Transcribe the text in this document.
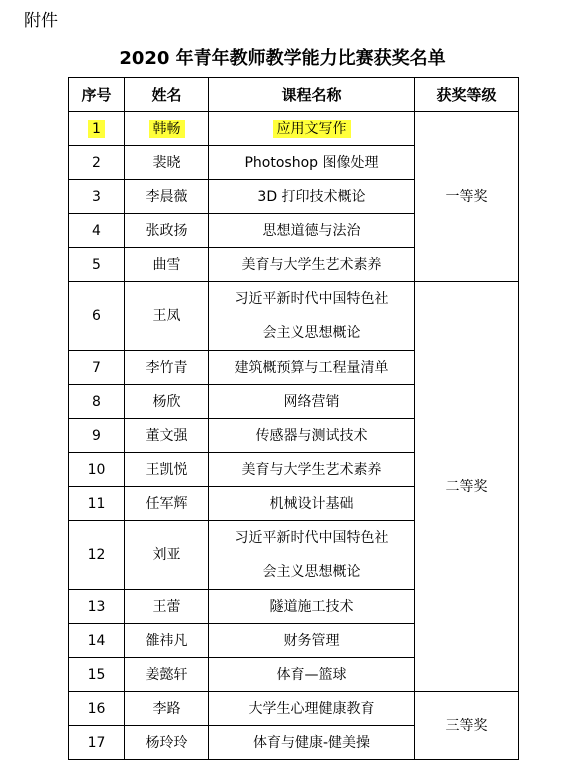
附件
2020 年青年教师教学能力比赛获奖名单
序号	姓名	课程名称	获奖等级
1	韩畅	应用文写作	一等奖
2	裴晓	Photoshop 图像处理	
3	李晨薇	3D 打印技术概论	
4	张政扬	思想道德与法治	
5	曲雪	美育与大学生艺术素养	
6	王凤	习近平新时代中国特色社
会主义思想概论	二等奖
7	李竹青	建筑概预算与工程量清单	
8	杨欣	网络营销	
9	董文强	传感器与测试技术	
10	王凯悦	美育与大学生艺术素养	
11	任军辉	机械设计基础	
12	刘亚	习近平新时代中国特色社
会主义思想概论	

13	王蕾	隧道施工技术	
14	雒祎凡	财务管理	
15	姜懿轩	体育—篮球	
16	李路	大学生心理健康教育	三等奖
17	杨玲玲	体育与健康-健美操	
